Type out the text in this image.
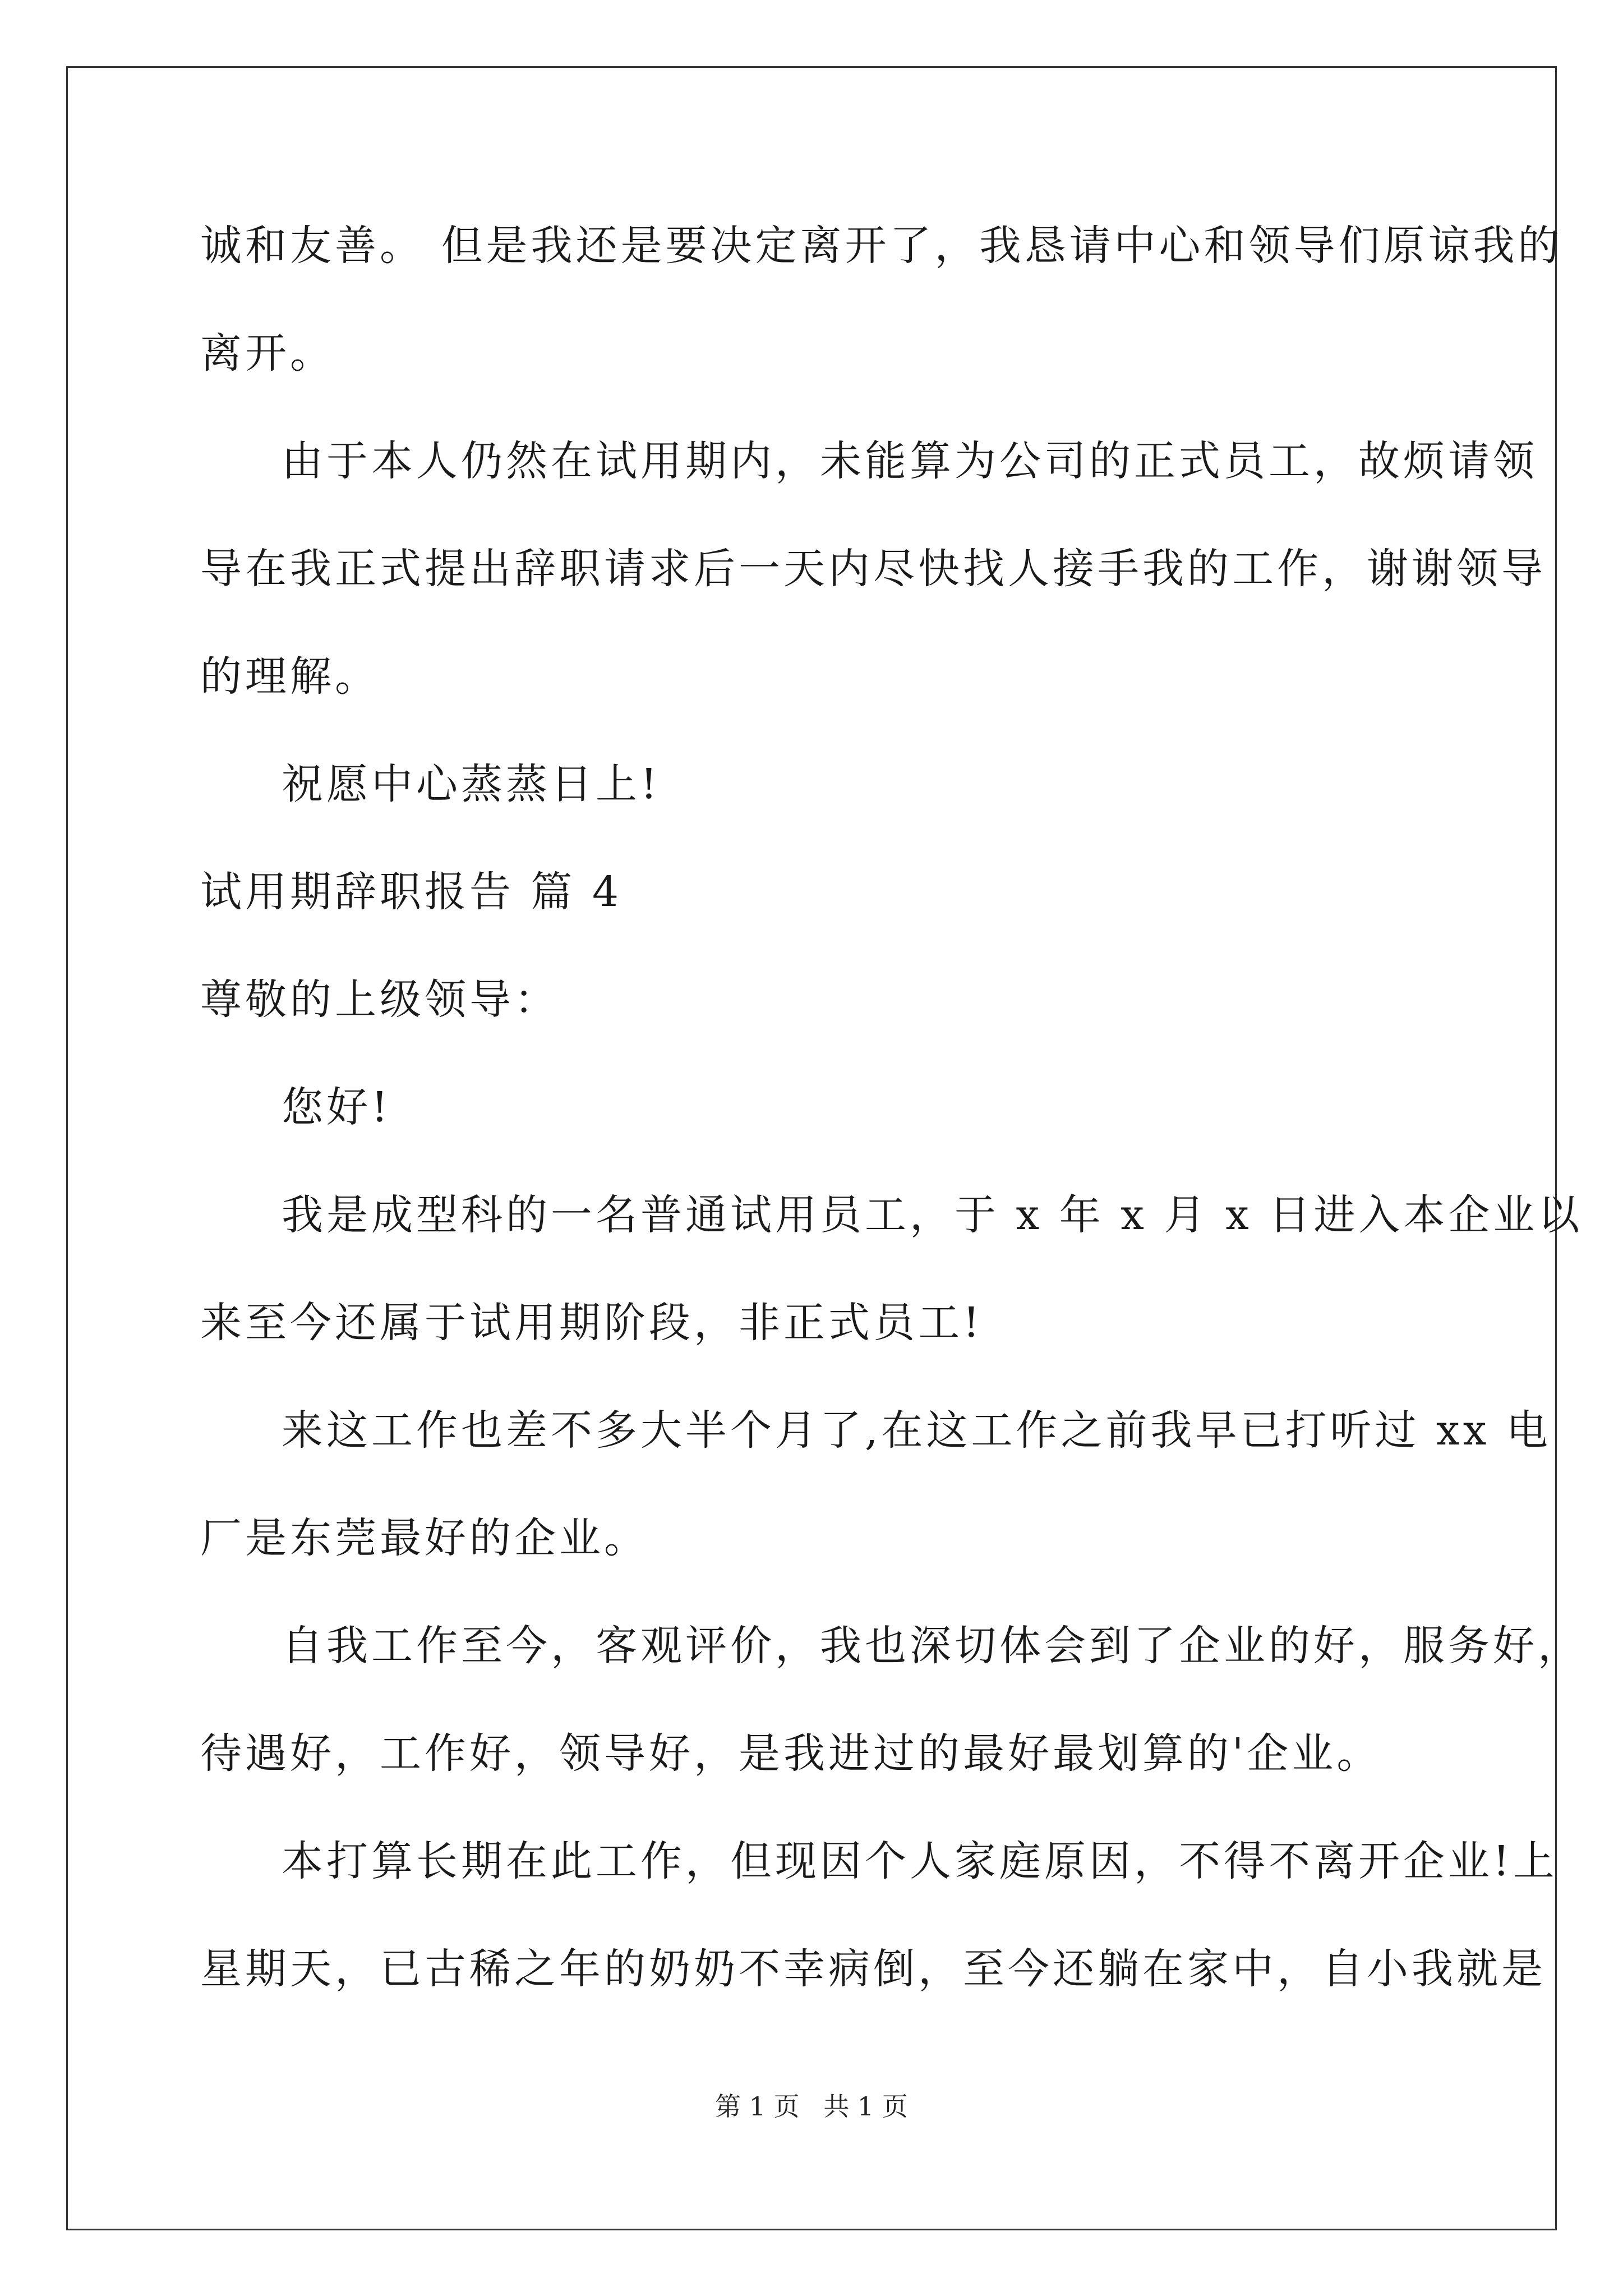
诚和友善。 但是我还是要决定离开了，我恳请中心和领导们原谅我的
离开。
由于本人仍然在试用期内，未能算为公司的正式员工，故烦请领
导在我正式提出辞职请求后一天内尽快找人接手我的工作，谢谢领导
的理解。
祝愿中心蒸蒸日上!
试用期辞职报告 篇 4
尊敬的上级领导：
您好!
我是成型科的一名普通试用员工，于 x 年 x 月 x 日进入本企业以
来至今还属于试用期阶段，非正式员工!
来这工作也差不多大半个月了,在这工作之前我早已打听过 xx 电
厂是东莞最好的企业。
自我工作至今，客观评价，我也深切体会到了企业的好，服务好，
待遇好，工作好，领导好，是我进过的最好最划算的'企业。
本打算长期在此工作，但现因个人家庭原因，不得不离开企业!上
星期天，已古稀之年的奶奶不幸病倒，至今还躺在家中，自小我就是
第 1 页 共 1 页
